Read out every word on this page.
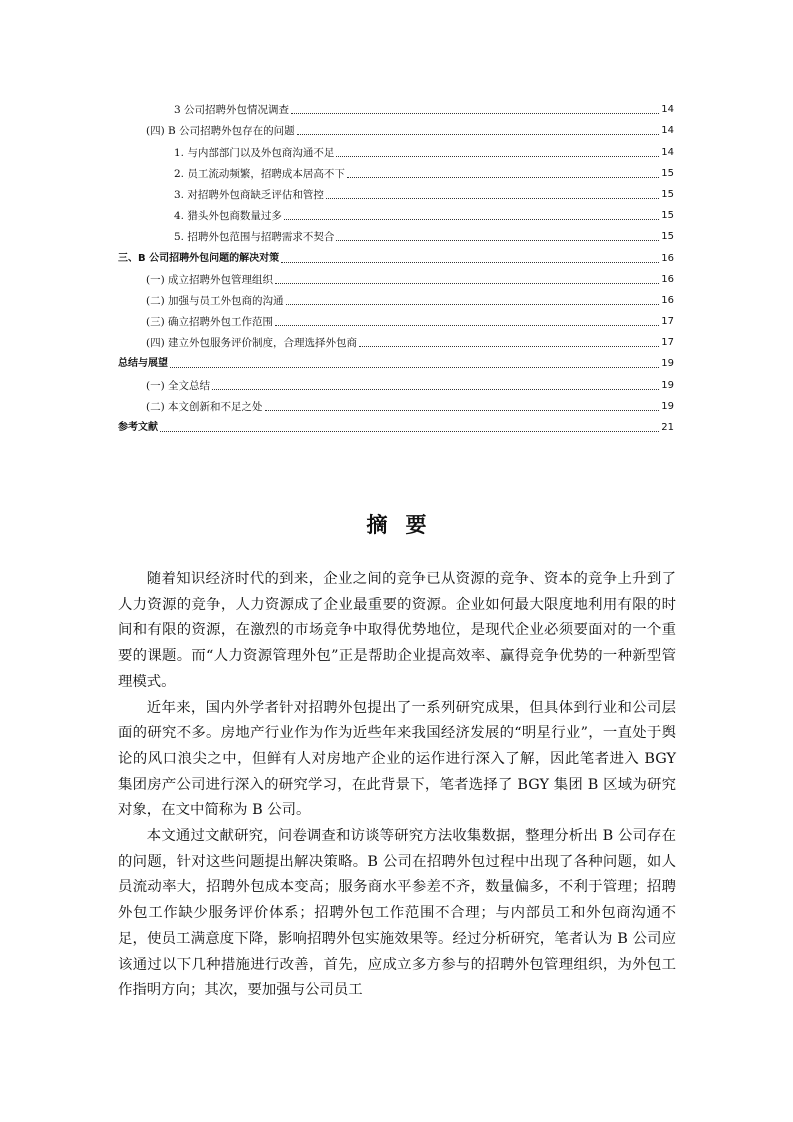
3 公司招聘外包情况调查	14
(四) B 公司招聘外包存在的问题	14
1. 与内部部门以及外包商沟通不足	14
2. 员工流动频繁，招聘成本居高不下	15
3. 对招聘外包商缺乏评估和管控	15
4. 猎头外包商数量过多	15
5. 招聘外包范围与招聘需求不契合	15
三、B 公司招聘外包问题的解决对策	16
(一) 成立招聘外包管理组织	16
(二) 加强与员工外包商的沟通	16
(三) 确立招聘外包工作范围	17
(四) 建立外包服务评价制度，合理选择外包商	17
总结与展望	19
(一) 全文总结	19
(二) 本文创新和不足之处	19
参考文献	21
摘要

随着知识经济时代的到来，企业之间的竞争已从资源的竞争、资本的竞争上升到了人力资源的竞争，人力资源成了企业最重要的资源。企业如何最大限度地利用有限的时间和有限的资源，在激烈的市场竞争中取得优势地位，是现代企业必须要面对的一个重要的课题。而“人力资源管理外包”正是帮助企业提高效率、赢得竞争优势的一种新型管理模式。

近年来，国内外学者针对招聘外包提出了一系列研究成果，但具体到行业和公司层面的研究不多。房地产行业作为作为近些年来我国经济发展的“明星行业”，一直处于舆论的风口浪尖之中，但鲜有人对房地产企业的运作进行深入了解，因此笔者进入 BGY 集团房产公司进行深入的研究学习，在此背景下，笔者选择了 BGY 集团 B 区域为研究对象，在文中简称为 B 公司。

本文通过文献研究，问卷调查和访谈等研究方法收集数据，整理分析出 B 公司存在的问题，针对这些问题提出解决策略。B 公司在招聘外包过程中出现了各种问题，如人员流动率大，招聘外包成本变高；服务商水平参差不齐，数量偏多，不利于管理；招聘外包工作缺少服务评价体系；招聘外包工作范围不合理；与内部员工和外包商沟通不足，使员工满意度下降，影响招聘外包实施效果等。经过分析研究，笔者认为 B 公司应该通过以下几种措施进行改善，首先，应成立多方参与的招聘外包管理组织，为外包工作指明方向；其次，要加强与公司员工
